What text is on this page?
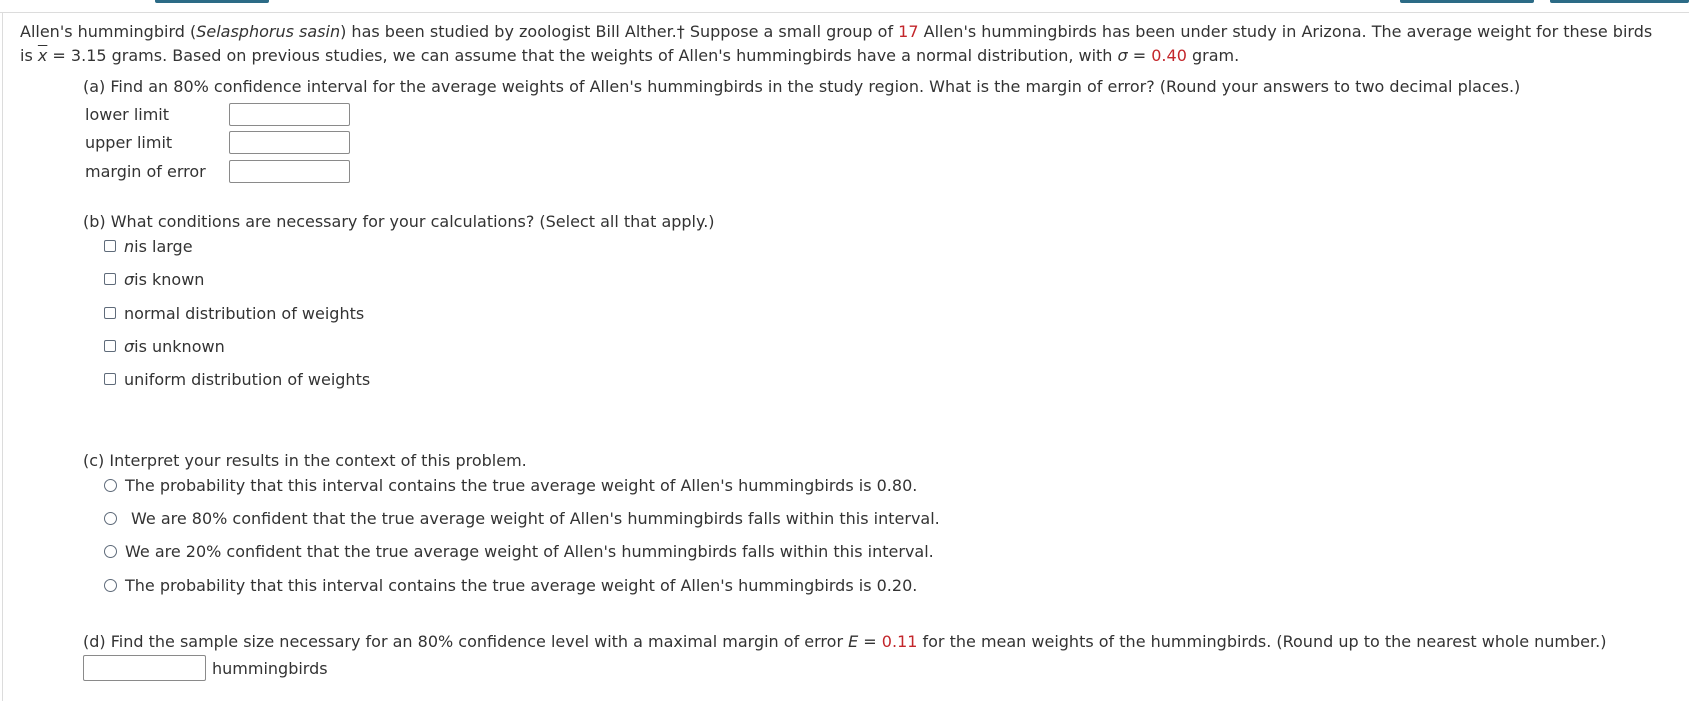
Allen's hummingbird (Selasphorus sasin) has been studied by zoologist Bill Alther.† Suppose a small group of 17 Allen's hummingbirds has been under study in Arizona. The average weight for these birds is $\overline{x} = 3.15$ grams. Based on previous studies, we can assume that the weights of Allen's hummingbirds have a normal distribution, with σ = 0.40 gram.
(a) Find an 80% confidence interval for the average weights of Allen's hummingbirds in the study region. What is the margin of error? (Round your answers to two decimal places.)
lower limit
upper limit
margin of error
(b) What conditions are necessary for your calculations? (Select all that apply.)
n is large
σ is known
normal distribution of weights
σ is unknown
uniform distribution of weights
(c) Interpret your results in the context of this problem.
The probability that this interval contains the true average weight of Allen's hummingbirds is 0.80.
We are 80% confident that the true average weight of Allen's hummingbirds falls within this interval.
We are 20% confident that the true average weight of Allen's hummingbirds falls within this interval.
The probability that this interval contains the true average weight of Allen's hummingbirds is 0.20.
(d) Find the sample size necessary for an 80% confidence level with a maximal margin of error E = 0.11 for the mean weights of the hummingbirds. (Round up to the nearest whole number.)
hummingbirds
